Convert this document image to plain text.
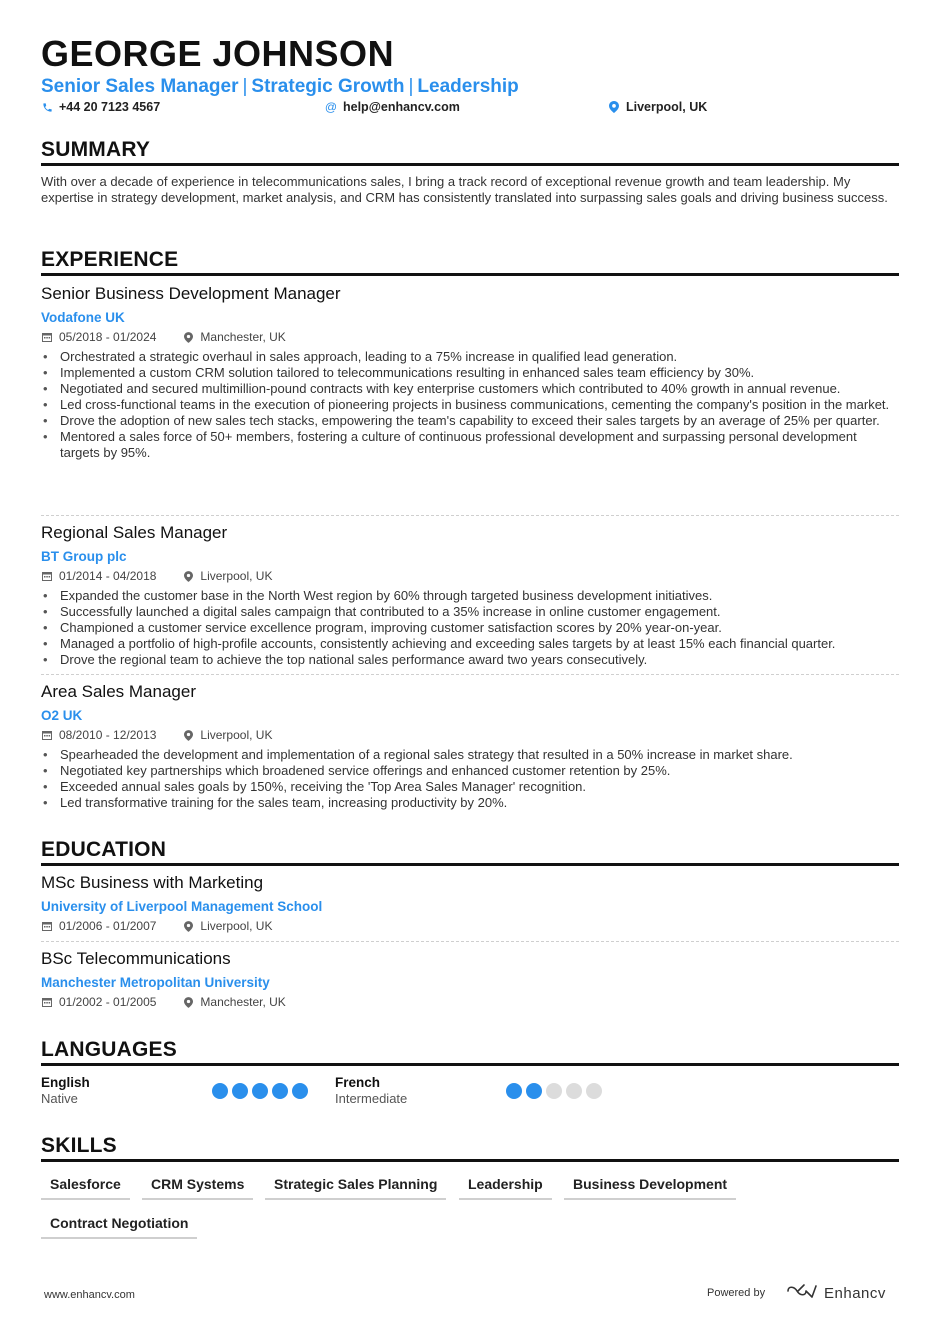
GEORGE JOHNSON
Senior Sales Manager | Strategic Growth | Leadership
+44 20 7123 4567	@ help@enhancv.com	Liverpool, UK
SUMMARY
With over a decade of experience in telecommunications sales, I bring a track record of exceptional revenue growth and team leadership. My expertise in strategy development, market analysis, and CRM has consistently translated into surpassing sales goals and driving business success.
EXPERIENCE
Senior Business Development Manager
Vodafone UK
05/2018 - 01/2024	Manchester, UK
• Orchestrated a strategic overhaul in sales approach, leading to a 75% increase in qualified lead generation.
• Implemented a custom CRM solution tailored to telecommunications resulting in enhanced sales team efficiency by 30%.
• Negotiated and secured multimillion-pound contracts with key enterprise customers which contributed to 40% growth in annual revenue.
• Led cross-functional teams in the execution of pioneering projects in business communications, cementing the company's position in the market.
• Drove the adoption of new sales tech stacks, empowering the team's capability to exceed their sales targets by an average of 25% per quarter.
• Mentored a sales force of 50+ members, fostering a culture of continuous professional development and surpassing personal development targets by 95%.
Regional Sales Manager
BT Group plc
01/2014 - 04/2018	Liverpool, UK
• Expanded the customer base in the North West region by 60% through targeted business development initiatives.
• Successfully launched a digital sales campaign that contributed to a 35% increase in online customer engagement.
• Championed a customer service excellence program, improving customer satisfaction scores by 20% year-on-year.
• Managed a portfolio of high-profile accounts, consistently achieving and exceeding sales targets by at least 15% each financial quarter.
• Drove the regional team to achieve the top national sales performance award two years consecutively.
Area Sales Manager
O2 UK
08/2010 - 12/2013	Liverpool, UK
• Spearheaded the development and implementation of a regional sales strategy that resulted in a 50% increase in market share.
• Negotiated key partnerships which broadened service offerings and enhanced customer retention by 25%.
• Exceeded annual sales goals by 150%, receiving the 'Top Area Sales Manager' recognition.
• Led transformative training for the sales team, increasing productivity by 20%.
EDUCATION
MSc Business with Marketing
University of Liverpool Management School
01/2006 - 01/2007	Liverpool, UK
BSc Telecommunications
Manchester Metropolitan University
01/2002 - 01/2005	Manchester, UK
LANGUAGES
English
Native
French
Intermediate
SKILLS
Salesforce	CRM Systems	Strategic Sales Planning	Leadership	Business Development
Contract Negotiation
www.enhancv.com	Powered by	Enhancv
